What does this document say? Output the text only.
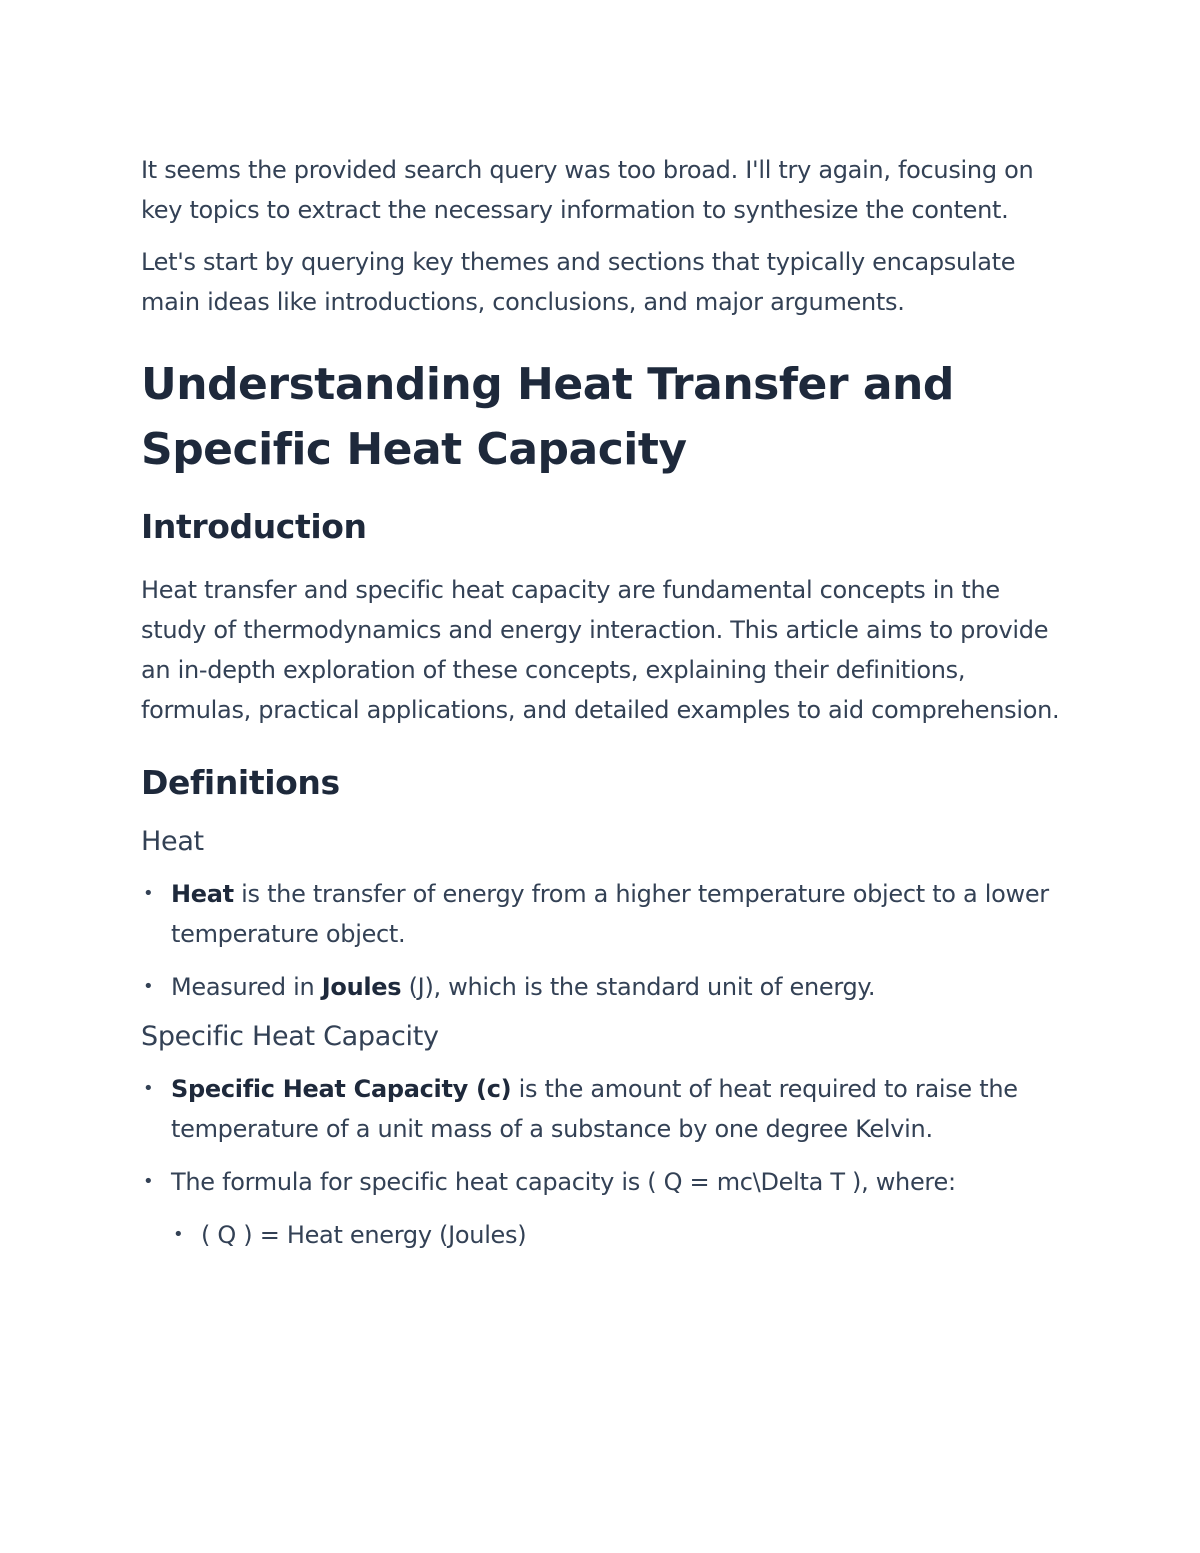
It seems the provided search query was too broad. I'll try again, focusing on key topics to extract the necessary information to synthesize the content.

Let's start by querying key themes and sections that typically encapsulate main ideas like introductions, conclusions, and major arguments.

Understanding Heat Transfer and Specific Heat Capacity
Introduction

Heat transfer and specific heat capacity are fundamental concepts in the study of thermodynamics and energy interaction. This article aims to provide an in-depth exploration of these concepts, explaining their definitions, formulas, practical applications, and detailed examples to aid comprehension.

Definitions
Heat
• Heat is the transfer of energy from a higher temperature object to a lower temperature object.
• Measured in Joules (J), which is the standard unit of energy.
Specific Heat Capacity
• Specific Heat Capacity (c) is the amount of heat required to raise the temperature of a unit mass of a substance by one degree Kelvin.
• The formula for specific heat capacity is ( Q = mc\Delta T ), where:
• ( Q ) = Heat energy (Joules)
